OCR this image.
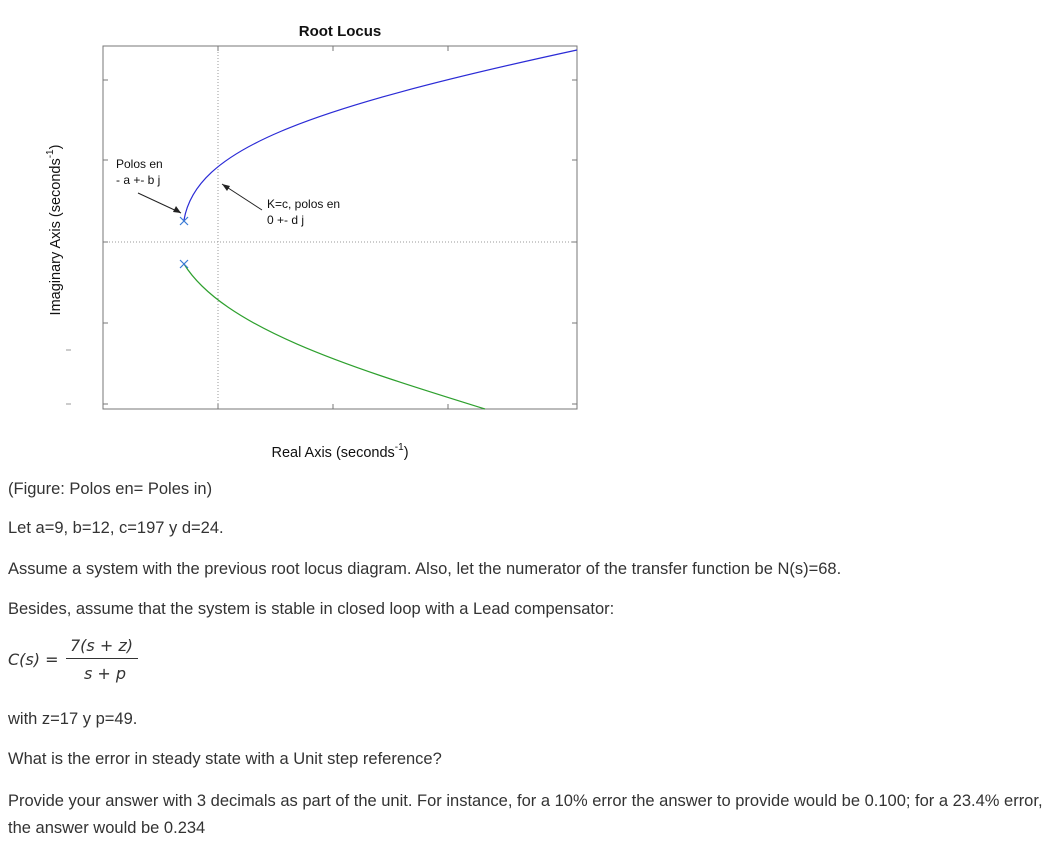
Root Locus
Polos en
- a +- b j
K=c, polos en
0 +- d j
Real Axis (seconds$^{-1}$)
Imaginary Axis (seconds$^{-1}$)
(Figure: Polos en= Poles in)
Let a=9, b=12, c=197 y d=24.
Assume a system with the previous root locus diagram. Also, let the numerator of the transfer function be N(s)=68.
Besides, assume that the system is stable in closed loop with a Lead compensator:
C(s) =
7(s + z)
s + p
with z=17 y p=49.
What is the error in steady state with a Unit step reference?
Provide your answer with 3 decimals as part of the unit. For instance, for a 10% error the answer to provide would be 0.100; for a 23.4% error, the answer would be 0.234
